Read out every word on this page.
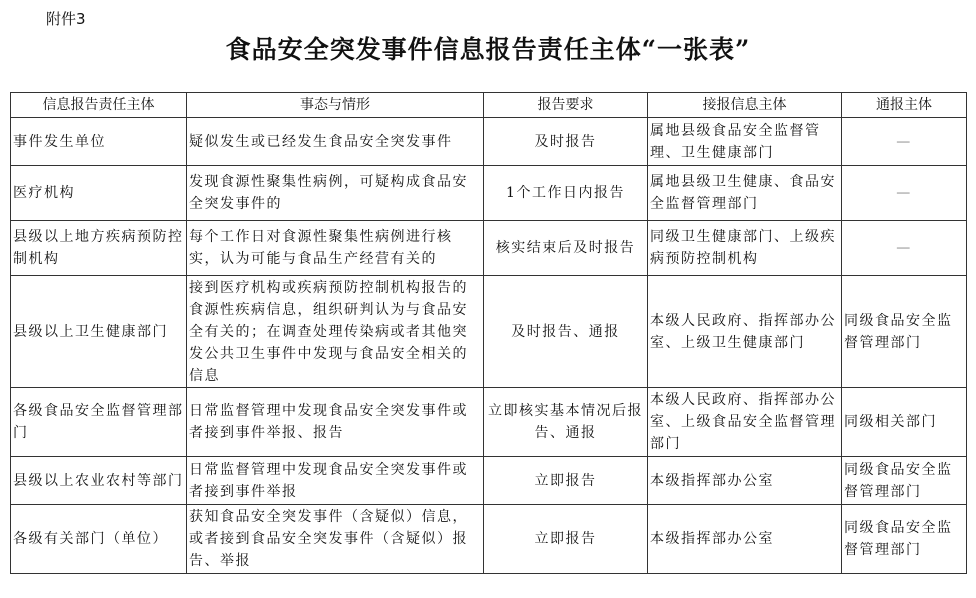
附件3
食品安全突发事件信息报告责任主体“一张表”
信息报告责任主体	事态与情形	报告要求	接报信息主体	通报主体
事件发生单位	疑似发生或已经发生食品安全突发事件	及时报告	属地县级食品安全监督管理、卫生健康部门	—
医疗机构	发现食源性聚集性病例，可疑构成食品安全突发事件的	1个工作日内报告	属地县级卫生健康、食品安全监督管理部门	—
县级以上地方疾病预防控制机构	每个工作日对食源性聚集性病例进行核实，认为可能与食品生产经营有关的	核实结束后及时报告	同级卫生健康部门、上级疾病预防控制机构	—
县级以上卫生健康部门	接到医疗机构或疾病预防控制机构报告的食源性疾病信息，组织研判认为与食品安全有关的；在调查处理传染病或者其他突发公共卫生事件中发现与食品安全相关的信息	及时报告、通报	本级人民政府、指挥部办公室、上级卫生健康部门	同级食品安全监督管理部门
各级食品安全监督管理部门	日常监督管理中发现食品安全突发事件或者接到事件举报、报告	立即核实基本情况后报告、通报	本级人民政府、指挥部办公室、上级食品安全监督管理部门	同级相关部门
县级以上农业农村等部门	日常监督管理中发现食品安全突发事件或者接到事件举报	立即报告	本级指挥部办公室	同级食品安全监督管理部门
各级有关部门（单位）	获知食品安全突发事件（含疑似）信息，或者接到食品安全突发事件（含疑似）报告、举报	立即报告	本级指挥部办公室	同级食品安全监督管理部门
